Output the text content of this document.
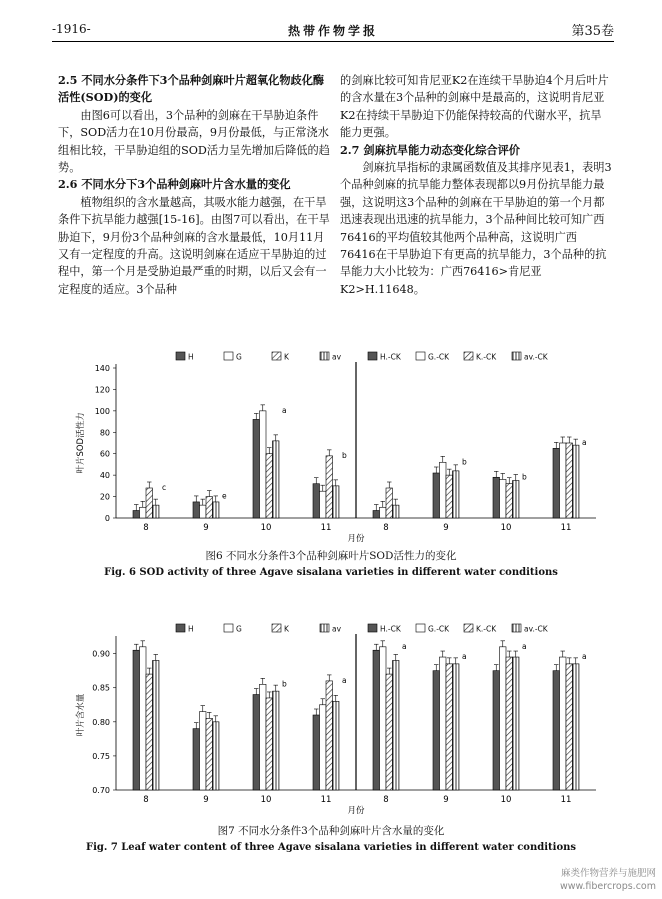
-1916-	热带作物学报	第35卷
2.5 不同水分条件下3个品种剑麻叶片超氧化物歧化酶活性(SOD)的变化
由图6可以看出，3个品种的剑麻在干旱胁迫条件下，SOD活力在10月份最高，9月份最低，与正常浇水组相比较，干旱胁迫组的SOD活力呈先增加后降低的趋势。
2.6 不同水分下3个品种剑麻叶片含水量的变化
植物组织的含水量越高，其吸水能力越强，在干旱条件下抗旱能力越强[15-16]。由图7可以看出，在干旱胁迫下，9月份3个品种剑麻的含水量最低，10月11月又有一定程度的升高。这说明剑麻在适应干旱胁迫的过程中，第一个月是受胁迫最严重的时期，以后又会有一定程度的适应。3个品种
的剑麻比较可知肯尼亚K2在连续干旱胁迫4个月后叶片的含水量在3个品种的剑麻中是最高的，这说明肯尼亚K2在持续干旱胁迫下仍能保持较高的代谢水平，抗旱能力更强。
2.7 剑麻抗旱能力动态变化综合评价
剑麻抗旱指标的隶属函数值及其排序见表1，表明3个品种剑麻的抗旱能力整体表现都以9月份抗旱能力最强，这说明这3个品种的剑麻在干旱胁迫的第一个月都迅速表现出迅速的抗旱能力，3个品种间比较可知广西76416的平均值较其他两个品种高，这说明广西76416在干旱胁迫下有更高的抗旱能力，3个品种的抗旱能力大小比较为：广西76416>肯尼亚K2>H.11648。
H	G	K	av	H.-CK	G.-CK	K.-CK	av.-CK
0
20
40
60
80
100
120
140
叶片SOD活性力
8	9	10	11	8	9	10	11
c
e
a
b
b
b
a
月份
图6 不同水分条件3个品种剑麻叶片SOD活性力的变化
Fig. 6 SOD activity of three Agave sisalana varieties in different water conditions
H	G	K	av	H.-CK	G.-CK	K.-CK	av.-CK
0.70
0.75
0.80
0.85
0.90
叶片含水量
8	9	10	11	8	9	10	11
b	a
a
a
a
a
月份
图7 不同水分条件3个品种剑麻叶片含水量的变化
Fig. 7 Leaf water content of three Agave sisalana varieties in different water conditions
麻类作物营养与施肥网
www.fibercrops.com
